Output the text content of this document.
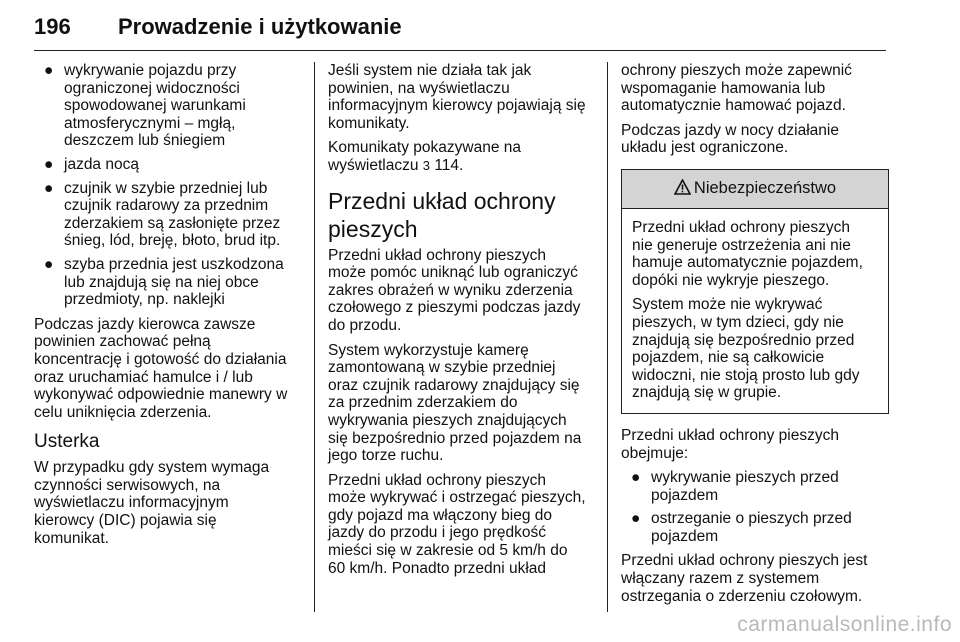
196 Prowadzenie i użytkowanie
● wykrywanie pojazdu przy
ograniczonej widoczności
spowodowanej warunkami
atmosferycznymi – mgłą,
deszczem lub śniegiem
● jazda nocą
● czujnik w szybie przedniej lub
czujnik radarowy za przednim
zderzakiem są zasłonięte przez
śnieg, lód, breję, błoto, brud itp.
● szyba przednia jest uszkodzona
lub znajdują się na niej obce
przedmioty, np. naklejki

Podczas jazdy kierowca zawsze
powinien zachować pełną
koncentrację i gotowość do działania
oraz uruchamiać hamulce i / lub
wykonywać odpowiednie manewry w
celu uniknięcia zderzenia.

Usterka

W przypadku gdy system wymaga
czynności serwisowych, na
wyświetlaczu informacyjnym
kierowcy (DIC) pojawia się
komunikat.

Jeśli system nie działa tak jak
powinien, na wyświetlaczu
informacyjnym kierowcy pojawiają się
komunikaty.

Komunikaty pokazywane na
wyświetlaczu 3 114.

Przedni układ ochrony
pieszych

Przedni układ ochrony pieszych
może pomóc uniknąć lub ograniczyć
zakres obrażeń w wyniku zderzenia
czołowego z pieszymi podczas jazdy
do przodu.

System wykorzystuje kamerę
zamontowaną w szybie przedniej
oraz czujnik radarowy znajdujący się
za przednim zderzakiem do
wykrywania pieszych znajdujących
się bezpośrednio przed pojazdem na
jego torze ruchu.

Przedni układ ochrony pieszych
może wykrywać i ostrzegać pieszych,
gdy pojazd ma włączony bieg do
jazdy do przodu i jego prędkość
mieści się w zakresie od 5 km/h do
60 km/h. Ponadto przedni układ

ochrony pieszych może zapewnić
wspomaganie hamowania lub
automatycznie hamować pojazd.

Podczas jazdy w nocy działanie
układu jest ograniczone.

Niebezpieczeństwo

Przedni układ ochrony pieszych
nie generuje ostrzeżenia ani nie
hamuje automatycznie pojazdem,
dopóki nie wykryje pieszego.

System może nie wykrywać
pieszych, w tym dzieci, gdy nie
znajdują się bezpośrednio przed
pojazdem, nie są całkowicie
widoczni, nie stoją prosto lub gdy
znajdują się w grupie.

Przedni układ ochrony pieszych
obejmuje:

● wykrywanie pieszych przed
pojazdem
● ostrzeganie o pieszych przed
pojazdem

Przedni układ ochrony pieszych jest
włączany razem z systemem
ostrzegania o zderzeniu czołowym.

carmanualsonline.info
